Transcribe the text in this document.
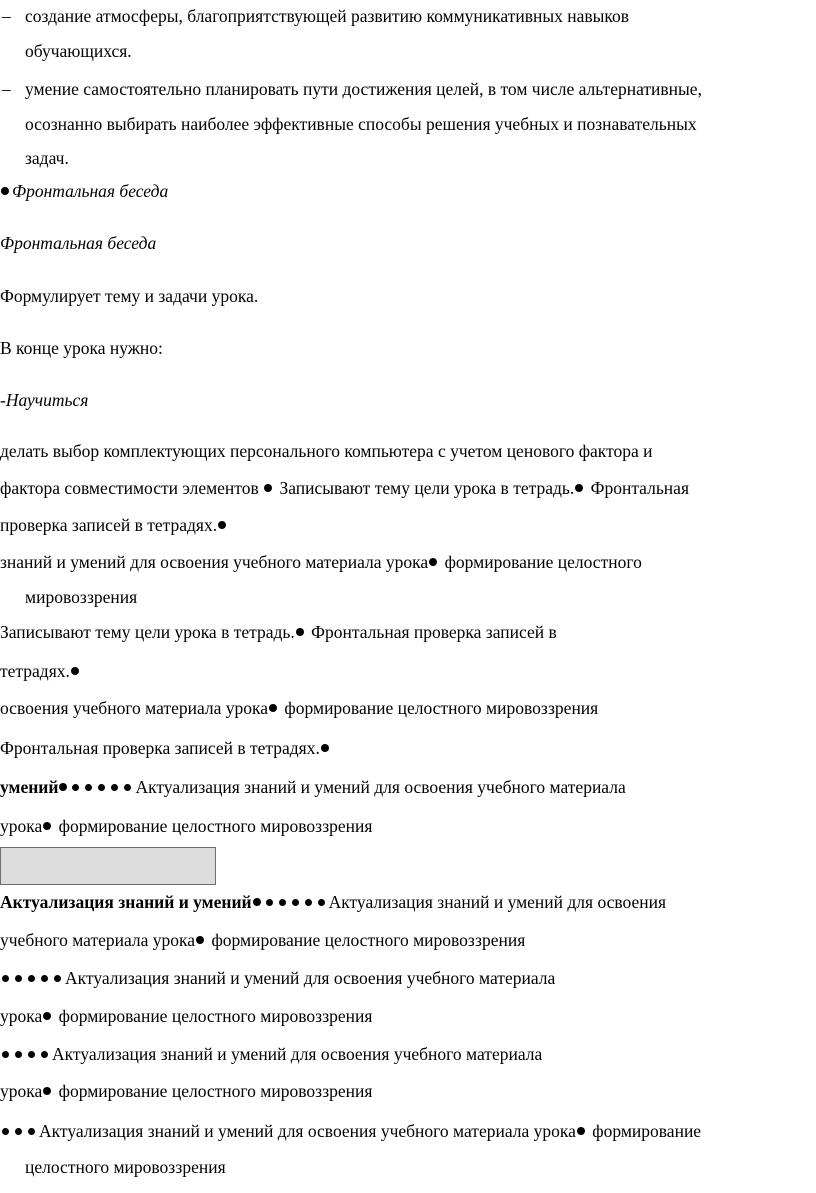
– создание атмосферы, благоприятствующей развитию коммуникативных навыков
обучающихся.
– умение самостоятельно планировать пути достижения целей, в том числе альтернативные,
осознанно выбирать наиболее эффективные способы решения учебных и познавательных
задач.
Фронтальная беседа
Фронтальная беседа
Формулирует тему и задачи урока.
В конце урока нужно:
-Научиться
делать выбор комплектующих персонального компьютера с учетом ценового фактора и
фактора совместимости элементов  Записывают тему цели урока в тетрадь. Фронтальная
проверка записей в тетрадях.
знаний и умений для освоения учебного материала урока формирование целостного
мировоззрения
Записывают тему цели урока в тетрадь. Фронтальная проверка записей в
тетрадях.
освоения учебного материала урока формирование целостного мировоззрения
Фронтальная проверка записей в тетрадях.
умений	Актуализация знаний и умений для освоения учебного материала
урока формирование целостного мировоззрения
Актуализация знаний и умений	Актуализация знаний и умений для освоения
учебного материала урока формирование целостного мировоззрения
Актуализация знаний и умений для освоения учебного материала
урока формирование целостного мировоззрения
Актуализация знаний и умений для освоения учебного материала
урока формирование целостного мировоззрения
Актуализация знаний и умений для освоения учебного материала урока формирование
целостного мировоззрения
